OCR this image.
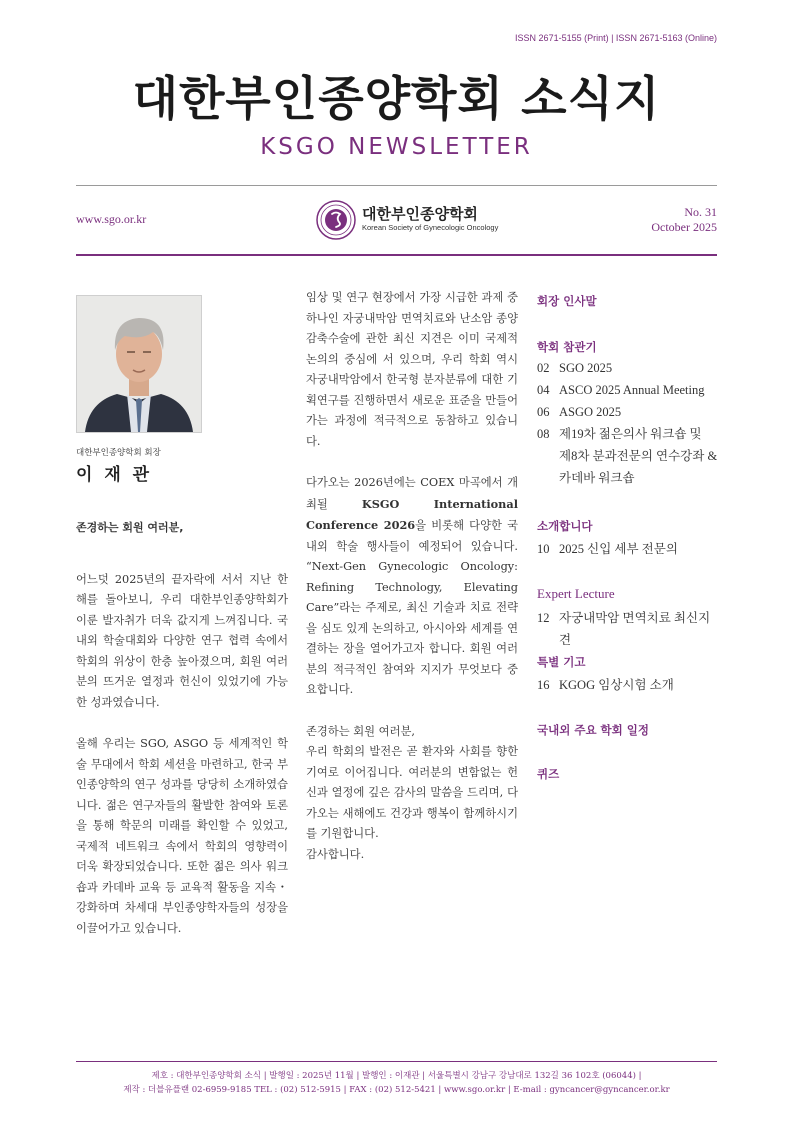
ISSN 2671-5155 (Print) | ISSN 2671-5163 (Online)
대한부인종양학회 소식지
KSGO NEWSLETTER
www.sgo.or.kr	대한부인종양학회
Korean Society of Gynecologic Oncology
No. 31
October 2025
대한부인종양학회 회장
이 재 관

존경하는 회원 여러분,

어느덧 2025년의 끝자락에 서서 지난 한 해를 돌아보니, 우리 대한부인종양학회가 이룬 발자취가 더욱 값지게 느껴집니다. 국내외 학술대회와 다양한 연구 협력 속에서 학회의 위상이 한층 높아졌으며, 회원 여러분의 뜨거운 열정과 헌신이 있었기에 가능한 성과였습니다.

올해 우리는 SGO, ASGO 등 세계적인 학술 무대에서 학회 세션을 마련하고, 한국 부인종양학의 연구 성과를 당당히 소개하였습니다. 젊은 연구자들의 활발한 참여와 토론을 통해 학문의 미래를 확인할 수 있었고, 국제적 네트워크 속에서 학회의 영향력이 더욱 확장되었습니다. 또한 젊은 의사 워크숍과 카데바 교육 등 교육적 활동을 지속・강화하며 차세대 부인종양학자들의 성장을 이끌어가고 있습니다.

임상 및 연구 현장에서 가장 시급한 과제 중 하나인 자궁내막암 면역치료와 난소암 종양감축수술에 관한 최신 지견은 이미 국제적 논의의 중심에 서 있으며, 우리 학회 역시 자궁내막암에서 한국형 분자분류에 대한 기획연구를 진행하면서 새로운 표준을 만들어가는 과정에 적극적으로 동참하고 있습니다.

다가오는 2026년에는 COEX 마곡에서 개최될 KSGO International Conference 2026을 비롯해 다양한 국내외 학술 행사들이 예정되어 있습니다. “Next-Gen Gynecologic Oncology: Refining Technology, Elevating Care”라는 주제로, 최신 기술과 치료 전략을 심도 있게 논의하고, 아시아와 세계를 연결하는 장을 열어가고자 합니다. 회원 여러분의 적극적인 참여와 지지가 무엇보다 중요합니다.

존경하는 회원 여러분,

우리 학회의 발전은 곧 환자와 사회를 향한 기여로 이어집니다. 여러분의 변함없는 헌신과 열정에 깊은 감사의 말씀을 드리며, 다가오는 새해에도 건강과 행복이 함께하시기를 기원합니다.

감사합니다.

회장 인사말
학회 참관기
02 SGO 2025
04 ASCO 2025 Annual Meeting
06 ASGO 2025
08 제19차 젊은의사 워크숍 및
제8차 분과전문의 연수강좌 &
카데바 워크숍
소개합니다
10 2025 신입 세부 전문의
Expert Lecture
12 자궁내막암 면역치료 최신지견
특별 기고
16 KGOG 임상시험 소개
국내외 주요 학회 일정
퀴즈
제호 : 대한부인종양학회 소식 | 발행일 : 2025년 11월 | 발행인 : 이재관 | 서울특별시 강남구 강남대로 132길 36 102호 (06044) |
제작 : 더블유플랜 02-6959-9185 TEL : (02) 512-5915 | FAX : (02) 512-5421 | www.sgo.or.kr | E-mail : gyncancer@gyncancer.or.kr
